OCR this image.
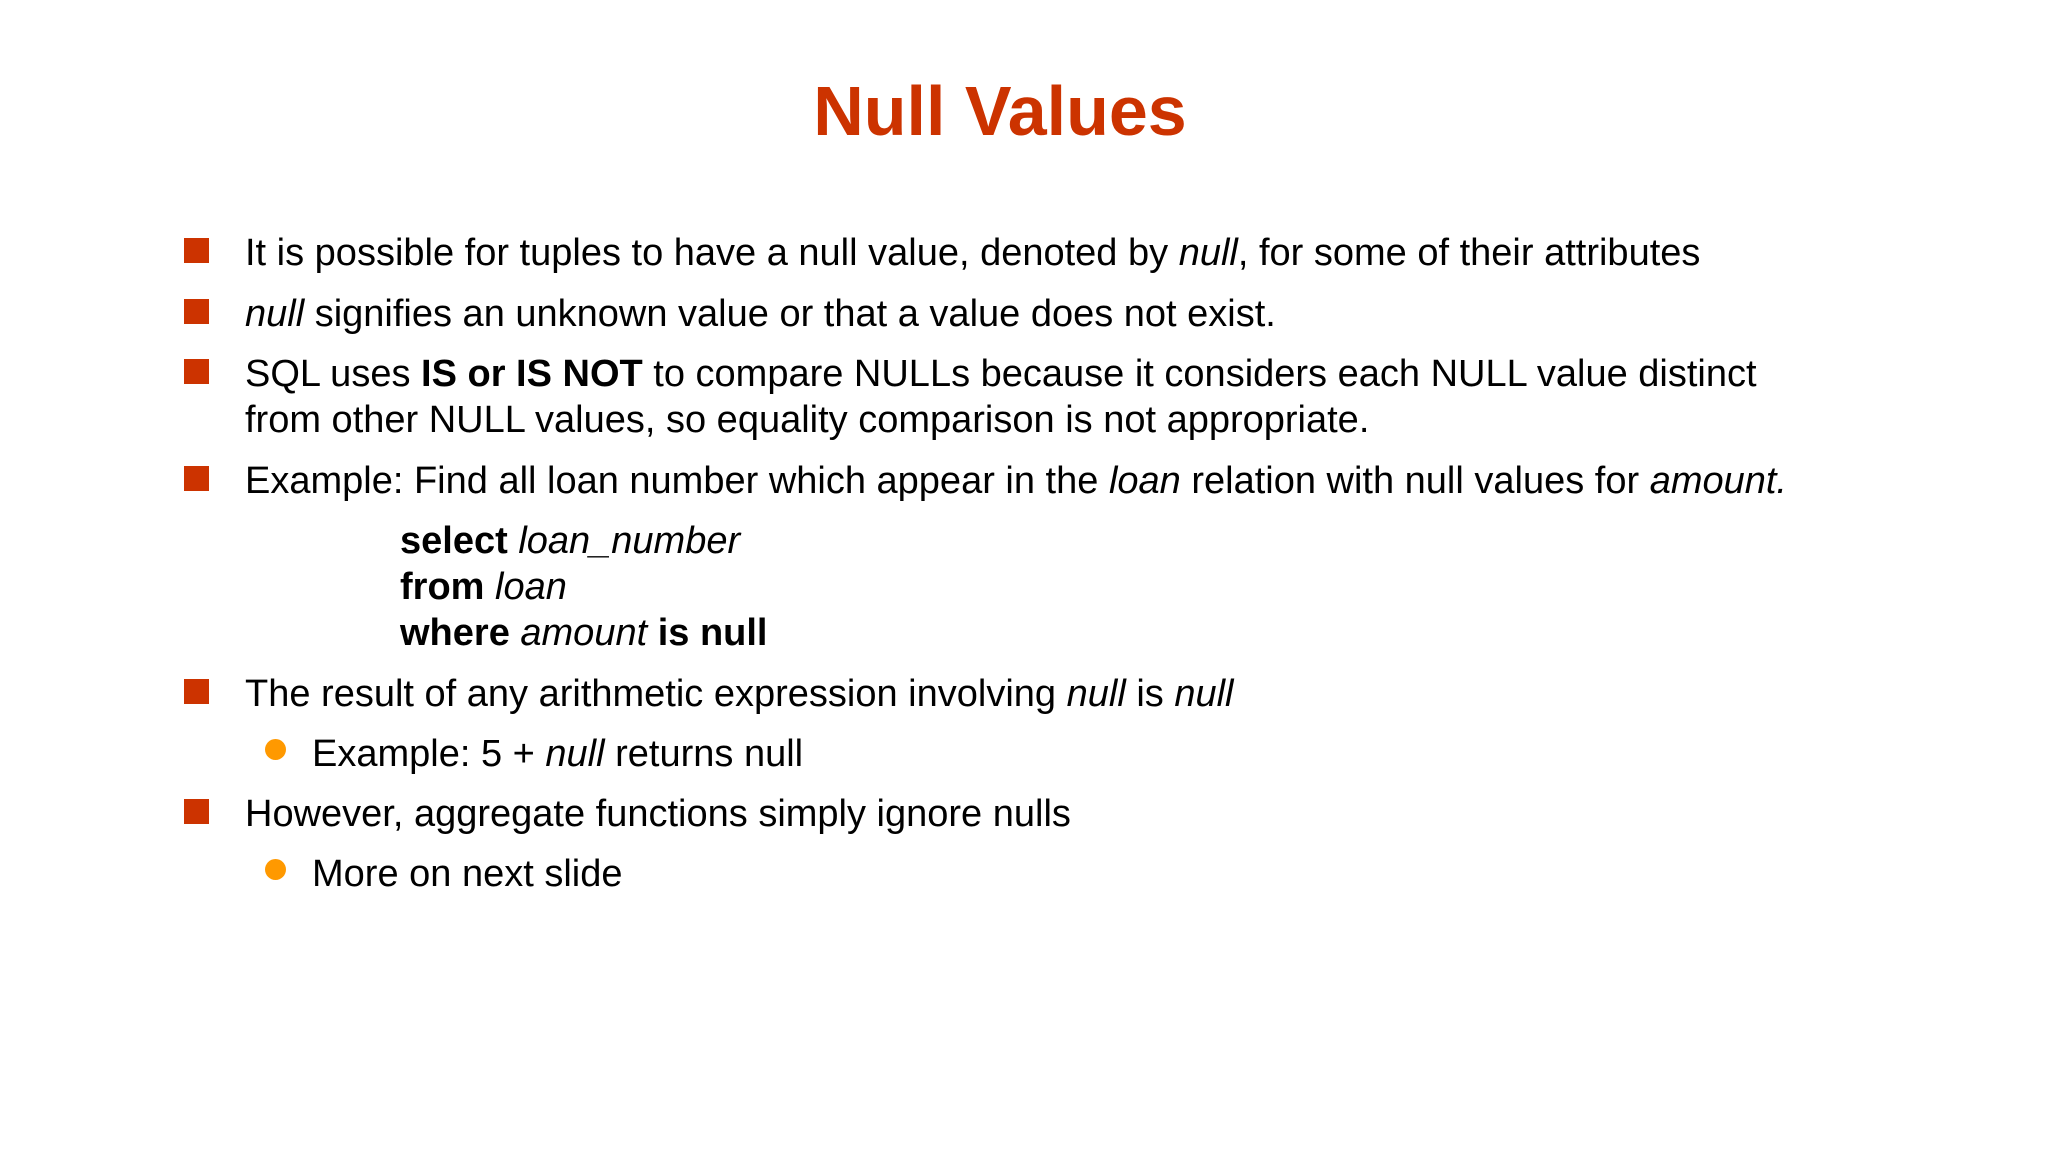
Null Values
It is possible for tuples to have a null value, denoted by null, for some of their attributes
null signifies an unknown value or that a value does not exist.
SQL uses IS or IS NOT to compare NULLs because it considers each NULL value distinct
from other NULL values, so equality comparison is not appropriate.
Example: Find all loan number which appear in the loan relation with null values for amount.
select loan_number
from loan
where amount is null
The result of any arithmetic expression involving null is null
Example: 5 + null returns null
However, aggregate functions simply ignore nulls
More on next slide
